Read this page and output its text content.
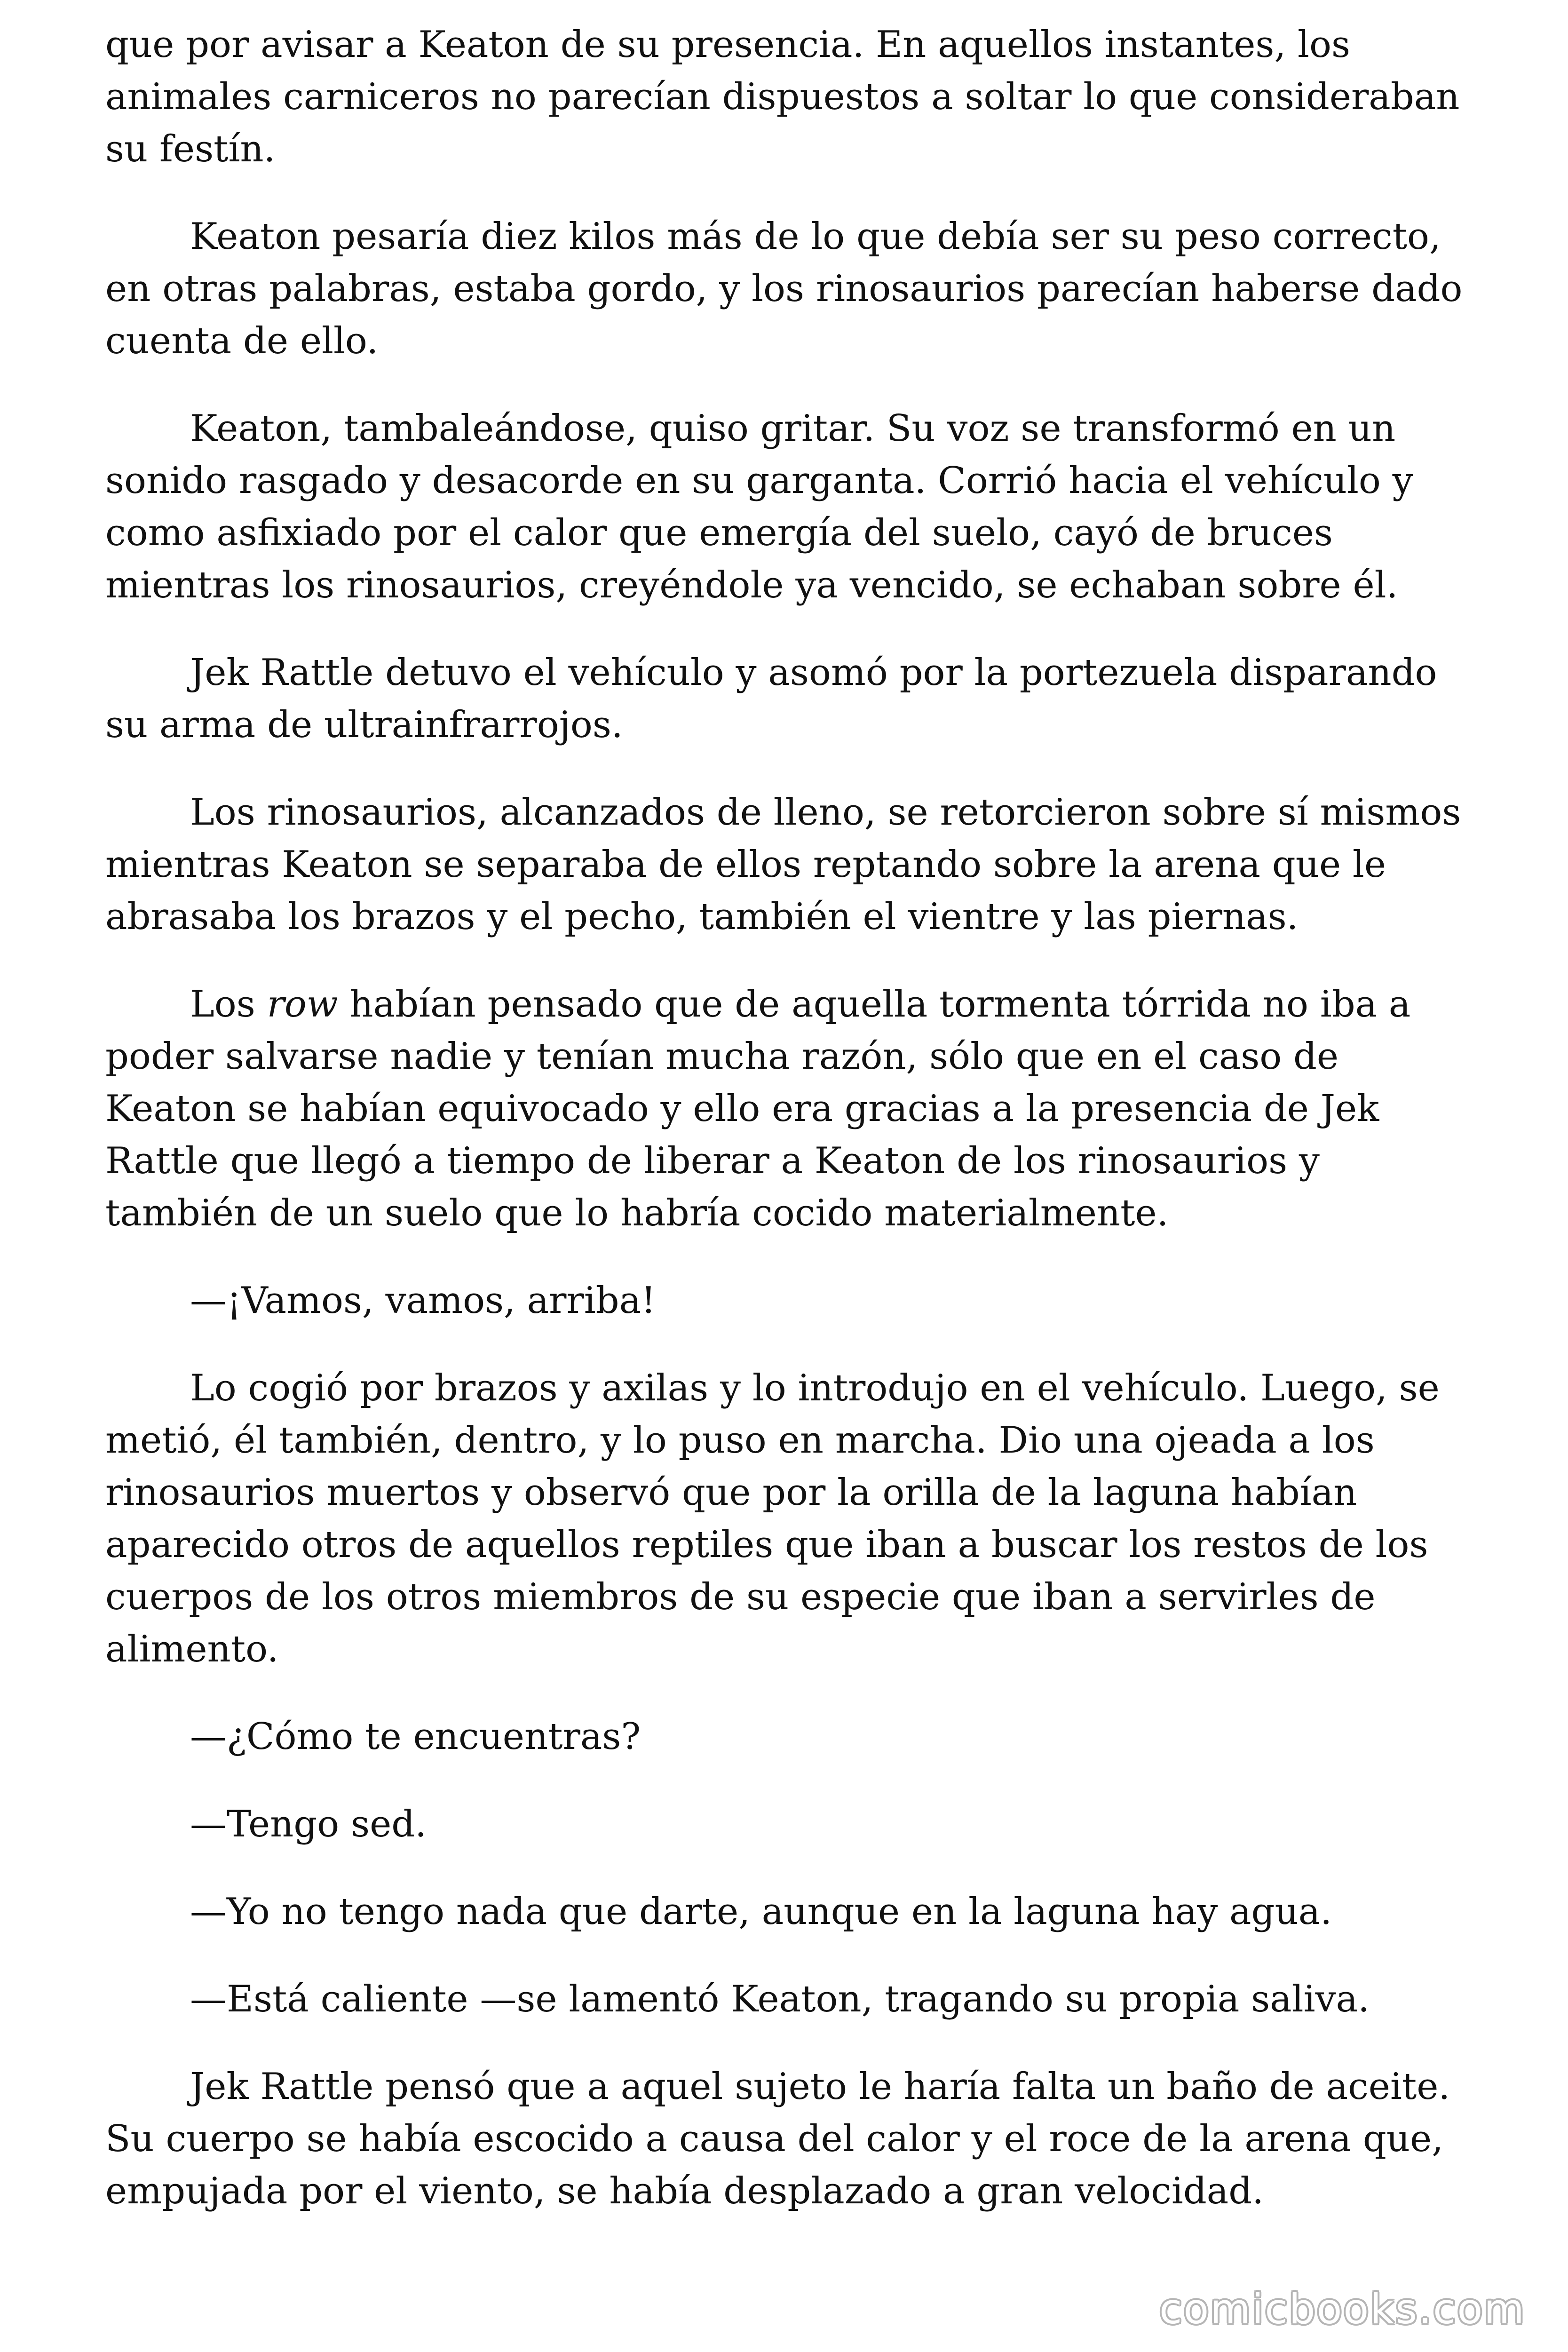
que por avisar a Keaton de su presencia. En aquellos instantes, los animales carniceros no parecían dispuestos a soltar lo que consideraban su festín.

Keaton pesaría diez kilos más de lo que debía ser su peso correcto, en otras palabras, estaba gordo, y los rinosaurios parecían haberse dado cuenta de ello.

Keaton, tambaleándose, quiso gritar. Su voz se transformó en un sonido rasgado y desacorde en su garganta. Corrió hacia el vehículo y como asfixiado por el calor que emergía del suelo, cayó de bruces mientras los rinosaurios, creyéndole ya vencido, se echaban sobre él.

Jek Rattle detuvo el vehículo y asomó por la portezuela disparando su arma de ultrainfrarrojos.

Los rinosaurios, alcanzados de lleno, se retorcieron sobre sí mismos mientras Keaton se separaba de ellos reptando sobre la arena que le abrasaba los brazos y el pecho, también el vientre y las piernas.

Los row habían pensado que de aquella tormenta tórrida no iba a poder salvarse nadie y tenían mucha razón, sólo que en el caso de Keaton se habían equivocado y ello era gracias a la presencia de Jek Rattle que llegó a tiempo de liberar a Keaton de los rinosaurios y también de un suelo que lo habría cocido materialmente.

—¡Vamos, vamos, arriba!

Lo cogió por brazos y axilas y lo introdujo en el vehículo. Luego, se metió, él también, dentro, y lo puso en marcha. Dio una ojeada a los rinosaurios muertos y observó que por la orilla de la laguna habían aparecido otros de aquellos reptiles que iban a buscar los restos de los cuerpos de los otros miembros de su especie que iban a servirles de alimento.

—¿Cómo te encuentras?

—Tengo sed.

—Yo no tengo nada que darte, aunque en la laguna hay agua.

—Está caliente —se lamentó Keaton, tragando su propia saliva.

Jek Rattle pensó que a aquel sujeto le haría falta un baño de aceite. Su cuerpo se había escocido a causa del calor y el roce de la arena que, empujada por el viento, se había desplazado a gran velocidad.

comicbooks.com
